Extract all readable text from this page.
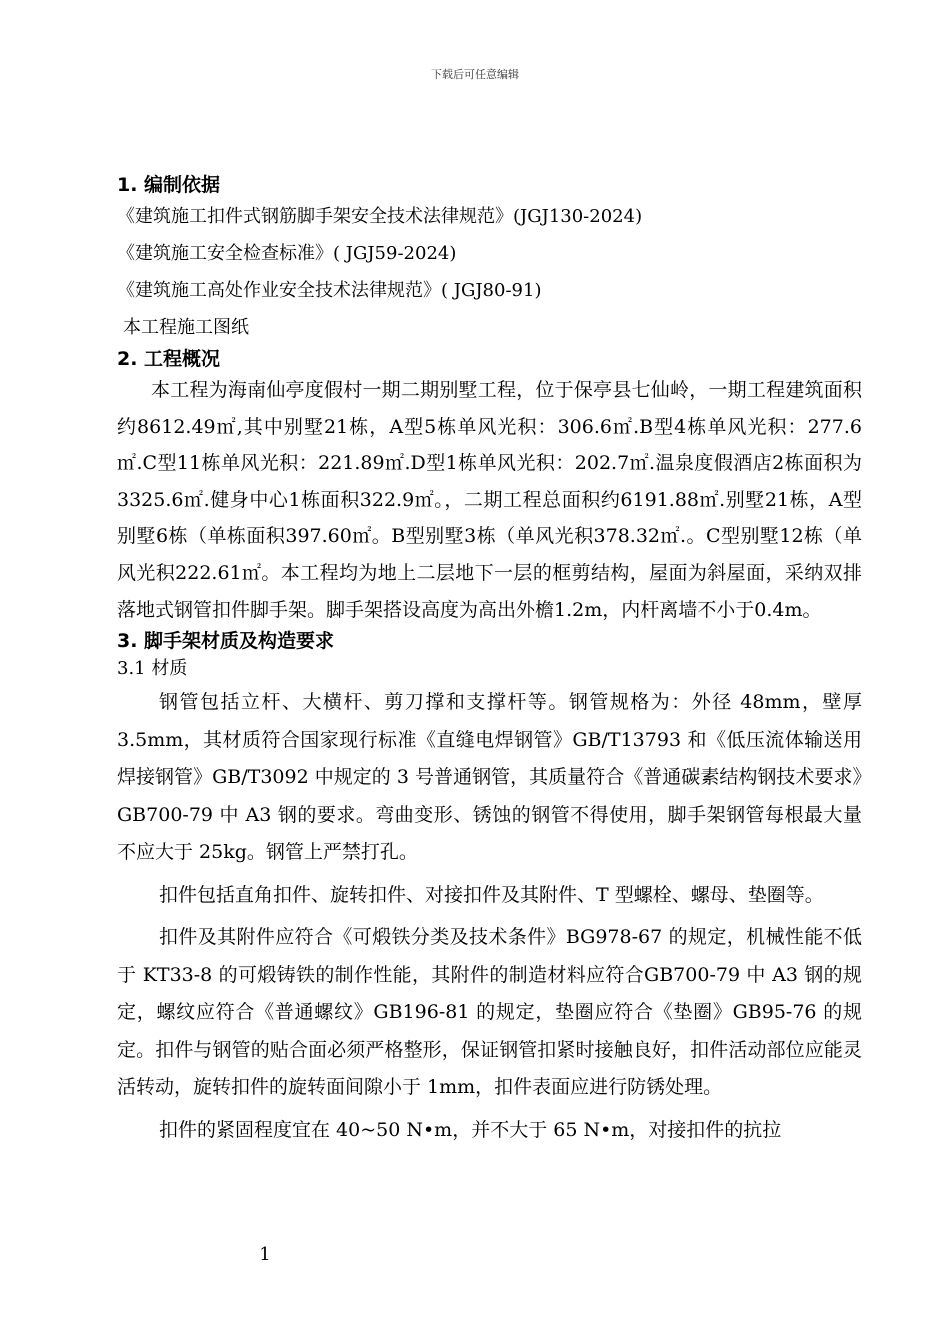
下载后可任意编辑
1. 编制依据
《建筑施工扣件式钢筋脚手架安全技术法律规范》(JGJ130-2024)
《建筑施工安全检查标准》( JGJ59-2024)
《建筑施工高处作业安全技术法律规范》( JGJ80-91)
本工程施工图纸
2. 工程概况

本工程为海南仙亭度假村一期二期别墅工程，位于保亭县七仙岭，一期工程建筑面积约8612.49㎡,其中别墅21栋，A型5栋单风光积：306.6㎡.B型4栋单风光积：277.6㎡.C型11栋单风光积：221.89㎡.D型1栋单风光积：202.7㎡.温泉度假酒店2栋面积为3325.6㎡.健身中心1栋面积322.9㎡。，二期工程总面积约6191.88㎡.别墅21栋，A型别墅6栋（单栋面积397.60㎡。B型别墅3栋（单风光积378.32㎡.。C型别墅12栋（单风光积222.61㎡。本工程均为地上二层地下一层的框剪结构，屋面为斜屋面，采纳双排落地式钢管扣件脚手架。脚手架搭设高度为高出外檐1.2m，内杆离墙不小于0.4m。

3. 脚手架材质及构造要求
3.1 材质

钢管包括立杆、大横杆、剪刀撑和支撑杆等。钢管规格为：外径 48mm，壁厚 3.5mm，其材质符合国家现行标准《直缝电焊钢管》GB/T13793 和《低压流体输送用焊接钢管》GB/T3092 中规定的 3 号普通钢管，其质量符合《普通碳素结构钢技术要求》GB700-79 中 A3 钢的要求。弯曲变形、锈蚀的钢管不得使用，脚手架钢管每根最大量不应大于 25kg。钢管上严禁打孔。

扣件包括直角扣件、旋转扣件、对接扣件及其附件、T 型螺栓、螺母、垫圈等。

扣件及其附件应符合《可煅铁分类及技术条件》BG978-67 的规定，机械性能不低于 KT33-8 的可煅铸铁的制作性能，其附件的制造材料应符合GB700-79 中 A3 钢的规定，螺纹应符合《普通螺纹》GB196-81 的规定，垫圈应符合《垫圈》GB95-76 的规定。扣件与钢管的贴合面必须严格整形，保证钢管扣紧时接触良好，扣件活动部位应能灵活转动，旋转扣件的旋转面间隙小于 1mm，扣件表面应进行防锈处理。

扣件的紧固程度宜在 40~50 N•m，并不大于 65 N•m，对接扣件的抗拉

1
